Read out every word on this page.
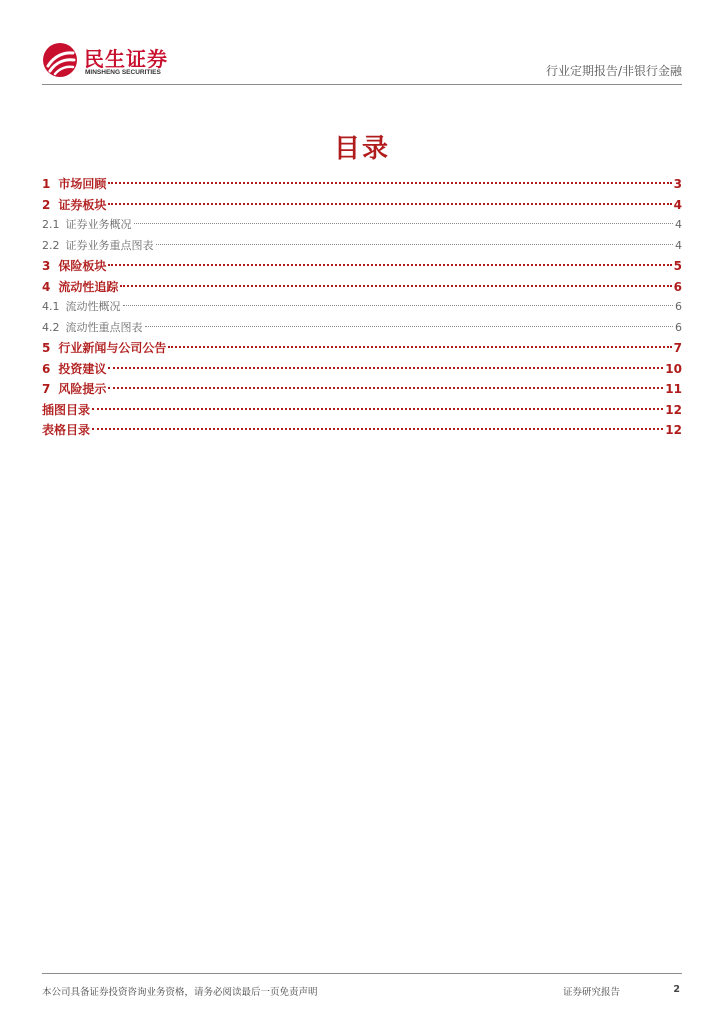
民生证券
MINSHENG SECURITIES	行业定期报告/非银行金融
目录
1 市场回顾	3
2 证券板块	4
2.1 证券业务概况	4
2.2 证券业务重点图表	4
3 保险板块	5
4 流动性追踪	6
4.1 流动性概况	6
4.2 流动性重点图表	6
5 行业新闻与公司公告	7
6 投资建议	10
7 风险提示	11
插图目录	12
表格目录	12
本公司具备证券投资咨询业务资格，请务必阅读最后一页免责声明	证券研究报告	2
